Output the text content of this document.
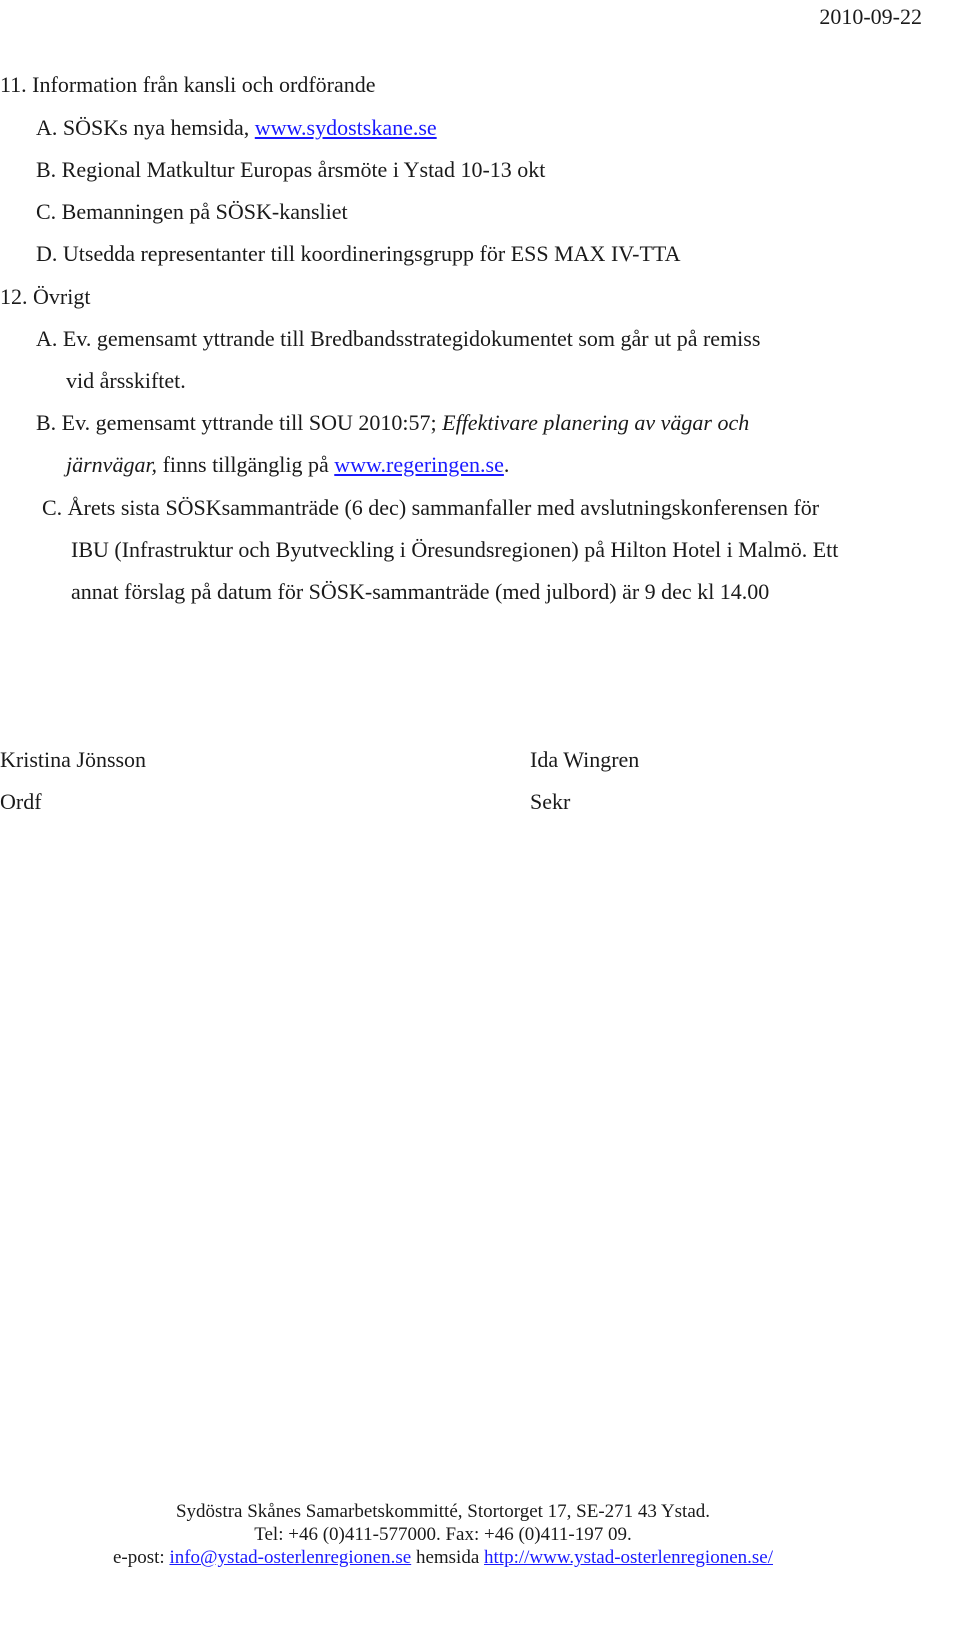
2010-09-22
11. Information från kansli och ordförande
A. SÖSKs nya hemsida, www.sydostskane.se
B. Regional Matkultur Europas årsmöte i Ystad 10-13 okt
C. Bemanningen på SÖSK-kansliet
D. Utsedda representanter till koordineringsgrupp för ESS MAX IV-TTA
12. Övrigt
A. Ev. gemensamt yttrande till Bredbandsstrategidokumentet som går ut på remiss
vid årsskiftet.
B. Ev. gemensamt yttrande till SOU 2010:57; Effektivare planering av vägar och
järnvägar, finns tillgänglig på www.regeringen.se.
C. Årets sista SÖSKsammanträde (6 dec) sammanfaller med avslutningskonferensen för
IBU (Infrastruktur och Byutveckling i Öresundsregionen) på Hilton Hotel i Malmö. Ett
annat förslag på datum för SÖSK-sammanträde (med julbord) är 9 dec kl 14.00
Kristina Jönsson
Ordf
Ida Wingren
Sekr
Sydöstra Skånes Samarbetskommitté, Stortorget 17, SE-271 43 Ystad.
Tel: +46 (0)411-577000. Fax: +46 (0)411-197 09.
e-post: info@ystad-osterlenregionen.se hemsida http://www.ystad-osterlenregionen.se/
